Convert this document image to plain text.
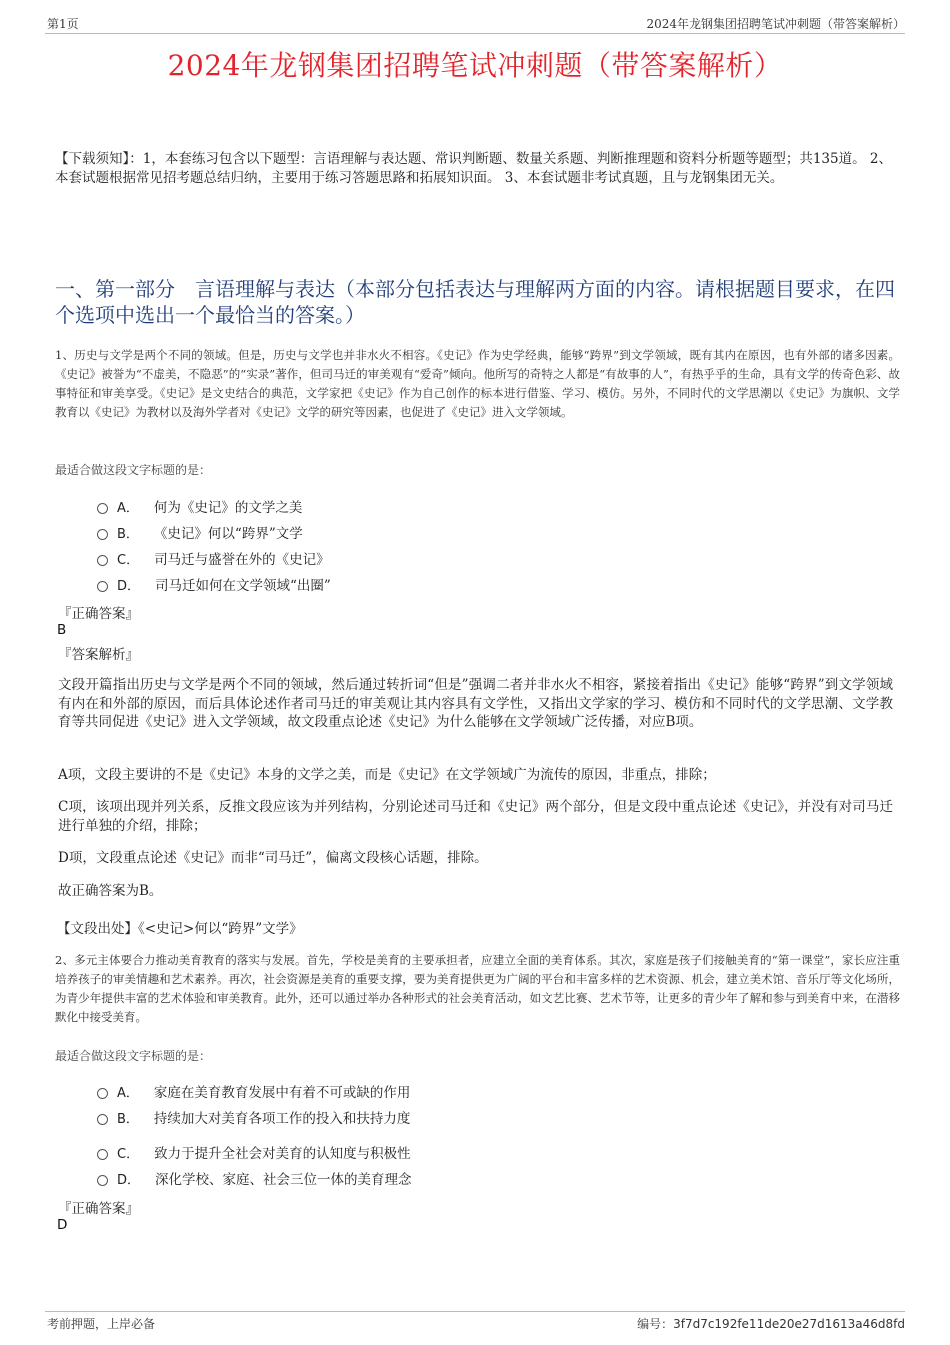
第1页	2024年龙钢集团招聘笔试冲刺题（带答案解析）
2024年龙钢集团招聘笔试冲刺题（带答案解析）
【下载须知】：1，本套练习包含以下题型：言语理解与表达题、常识判断题、数量关系题、判断推理题和资料分析题等题型；共135道。 2、本套试题根据常见招考题总结归纳，主要用于练习答题思路和拓展知识面。 3、本套试题非考试真题，且与龙钢集团无关。
一、第一部分　言语理解与表达（本部分包括表达与理解两方面的内容。请根据题目要求，在四个选项中选出一个最恰当的答案。）
1、历史与文学是两个不同的领域。但是，历史与文学也并非水火不相容。《史记》作为史学经典，能够“跨界”到文学领域，既有其内在原因，也有外部的诸多因素。《史记》被誉为“不虚美，不隐恶”的“实录”著作，但司马迁的审美观有“爱奇”倾向。他所写的奇特之人都是“有故事的人”，有热乎乎的生命，具有文学的传奇色彩、故事特征和审美享受。《史记》是文史结合的典范，文学家把《史记》作为自己创作的标本进行借鉴、学习、模仿。另外，不同时代的文学思潮以《史记》为旗帜、文学教育以《史记》为教材以及海外学者对《史记》文学的研究等因素，也促进了《史记》进入文学领域。
最适合做这段文字标题的是：
A． 何为《史记》的文学之美
B． 《史记》何以“跨界”文学
C． 司马迁与盛誉在外的《史记》
D． 司马迁如何在文学领域“出圈”
『正确答案』
B
『答案解析』
文段开篇指出历史与文学是两个不同的领域，然后通过转折词“但是”强调二者并非水火不相容，紧接着指出《史记》能够“跨界”到文学领域有内在和外部的原因，而后具体论述作者司马迁的审美观让其内容具有文学性，又指出文学家的学习、模仿和不同时代的文学思潮、文学教育等共同促进《史记》进入文学领域，故文段重点论述《史记》为什么能够在文学领域广泛传播，对应B项。
A项，文段主要讲的不是《史记》本身的文学之美，而是《史记》在文学领域广为流传的原因，非重点，排除；
C项，该项出现并列关系，反推文段应该为并列结构，分别论述司马迁和《史记》两个部分，但是文段中重点论述《史记》，并没有对司马迁进行单独的介绍，排除；
D项，文段重点论述《史记》而非“司马迁”，偏离文段核心话题，排除。
故正确答案为B。
【文段出处】《<史记>何以“跨界”文学》
2、多元主体要合力推动美育教育的落实与发展。首先，学校是美育的主要承担者，应建立全面的美育体系。其次，家庭是孩子们接触美育的“第一课堂”，家长应注重培养孩子的审美情趣和艺术素养。再次，社会资源是美育的重要支撑，要为美育提供更为广阔的平台和丰富多样的艺术资源、机会，建立美术馆、音乐厅等文化场所，为青少年提供丰富的艺术体验和审美教育。此外，还可以通过举办各种形式的社会美育活动，如文艺比赛、艺术节等，让更多的青少年了解和参与到美育中来，在潜移默化中接受美育。
最适合做这段文字标题的是：
A． 家庭在美育教育发展中有着不可或缺的作用
B． 持续加大对美育各项工作的投入和扶持力度
C． 致力于提升全社会对美育的认知度与积极性
D． 深化学校、家庭、社会三位一体的美育理念
『正确答案』
D
考前押题，上岸必备	编号：3f7d7c192fe11de20e27d1613a46d8fd
